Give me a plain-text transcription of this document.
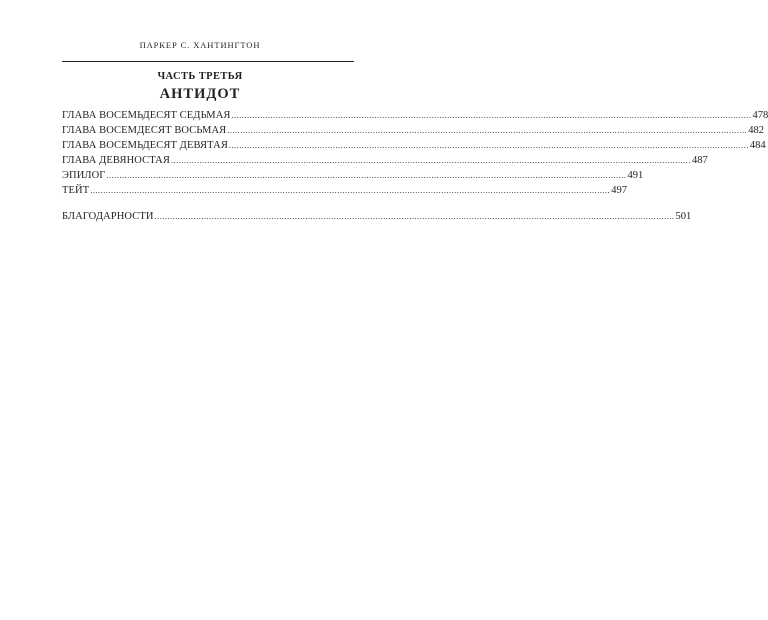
ПАРКЕР С. ХАНТИНГТОН
ЧАСТЬ ТРЕТЬЯ
АНТИДОТ
ГЛАВА ВОСЕМЬДЕСЯТ СЕДЬМАЯ ........................................................................................................................................................................................................ 478
ГЛАВА ВОСЕМДЕСЯТ ВОСЬМАЯ ........................................................................................................................................................................................................ 482
ГЛАВА ВОСЕМЬДЕСЯТ ДЕВЯТАЯ ........................................................................................................................................................................................................ 484
ГЛАВА ДЕВЯНОСТАЯ ........................................................................................................................................................................................................ 487
ЭПИЛОГ ........................................................................................................................................................................................................ 491
ТЕЙТ ........................................................................................................................................................................................................ 497
БЛАГОДАРНОСТИ ........................................................................................................................................................................................................ 501
